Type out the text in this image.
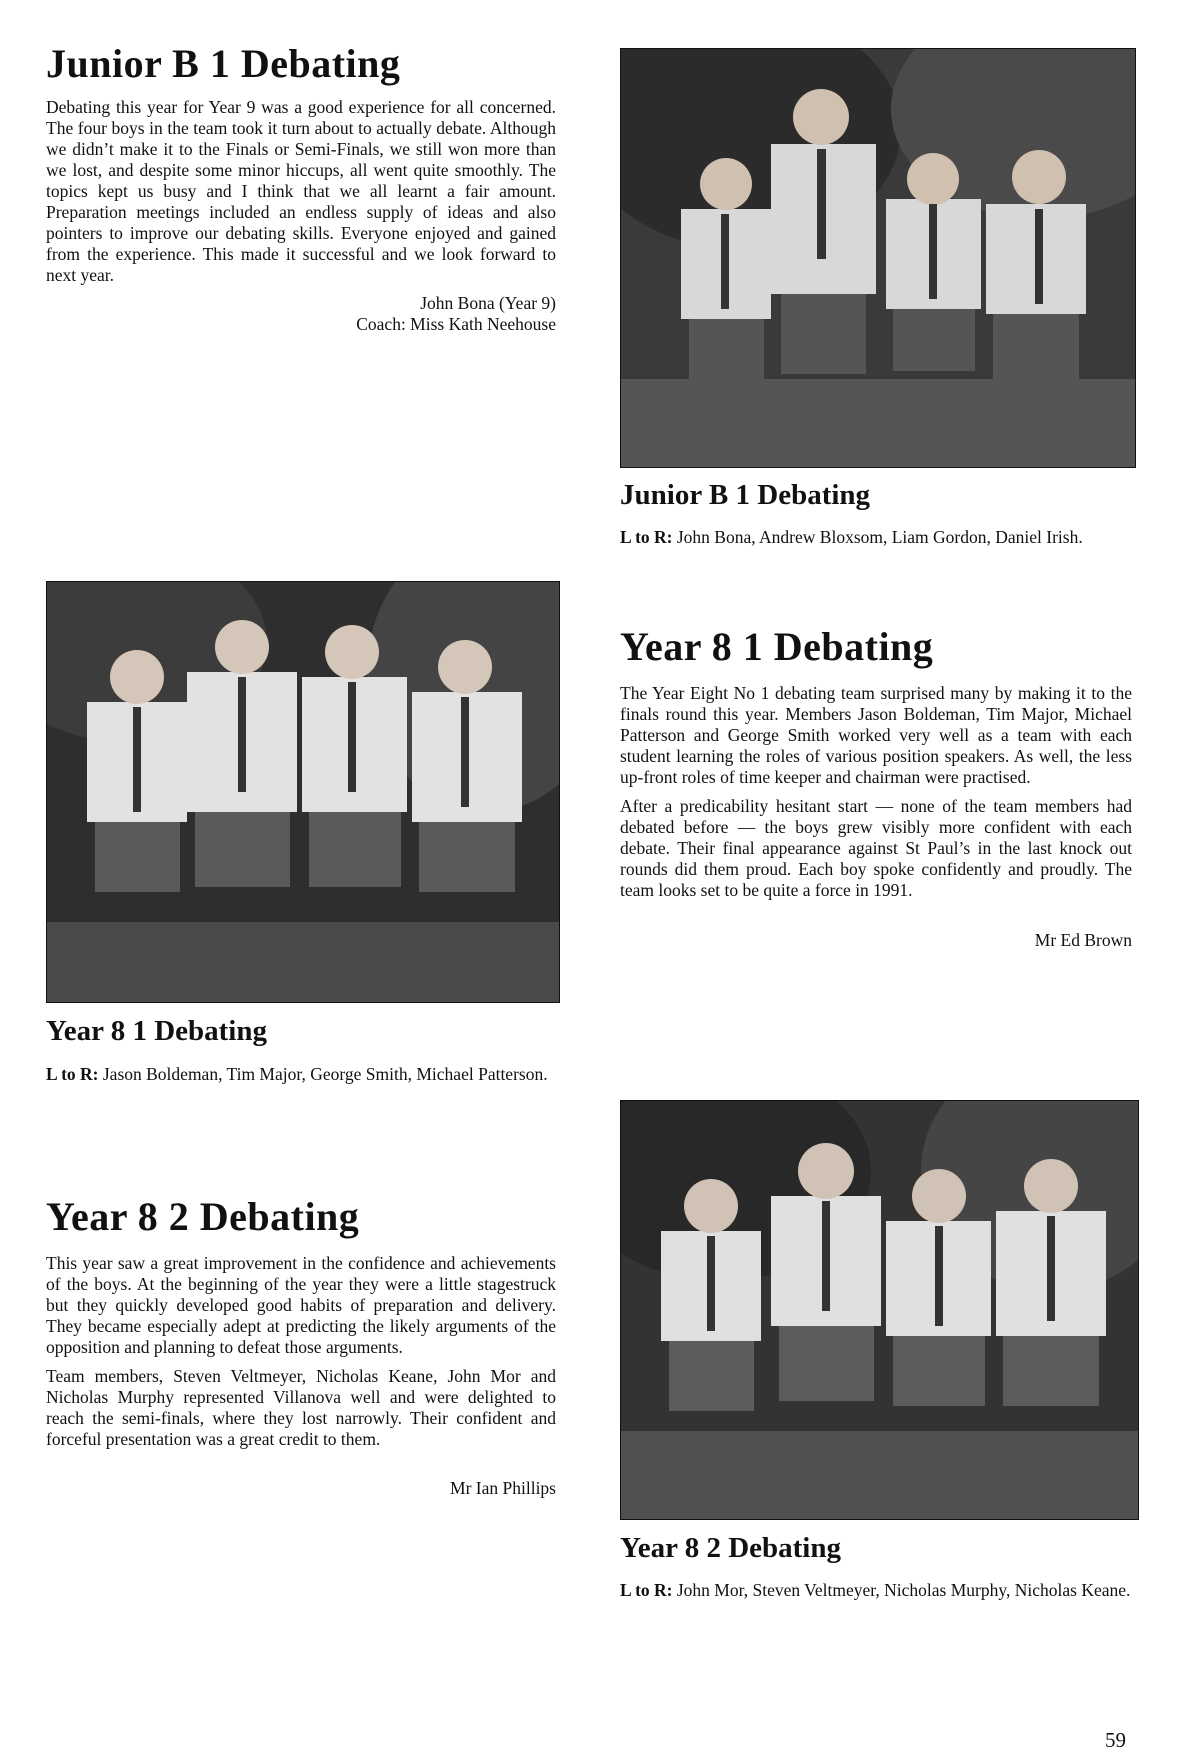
Junior B 1 Debating

Debating this year for Year 9 was a good experience for all concerned. The four boys in the team took it turn about to actually debate. Although we didn’t make it to the Finals or Semi-Finals, we still won more than we lost, and despite some minor hiccups, all went quite smoothly. The topics kept us busy and I think that we all learnt a fair amount. Preparation meetings included an endless supply of ideas and also pointers to improve our debating skills. Everyone enjoyed and gained from the experience. This made it successful and we look forward to next year.

John Bona (Year 9)
Coach: Miss Kath Neehouse
Junior B 1 Debating
L to R: John Bona, Andrew Bloxsom, Liam Gordon, Daniel Irish.
Year 8 1 Debating

The Year Eight No 1 debating team surprised many by making it to the finals round this year. Members Jason Boldeman, Tim Major, Michael Patterson and George Smith worked very well as a team with each student learning the roles of various position speakers. As well, the less up-front roles of time keeper and chairman were practised.

After a predicability hesitant start — none of the team members had debated before — the boys grew visibly more confident with each debate. Their final appearance against St Paul’s in the last knock out rounds did them proud. Each boy spoke confidently and proudly. The team looks set to be quite a force in 1991.

Mr Ed Brown
Year 8 1 Debating
L to R: Jason Boldeman, Tim Major, George Smith, Michael Patterson.
Year 8 2 Debating

This year saw a great improvement in the confidence and achievements of the boys. At the beginning of the year they were a little stagestruck but they quickly developed good habits of preparation and delivery. They became especially adept at predicting the likely arguments of the opposition and planning to defeat those arguments.

Team members, Steven Veltmeyer, Nicholas Keane, John Mor and Nicholas Murphy represented Villanova well and were delighted to reach the semi-finals, where they lost narrowly. Their confident and forceful presentation was a great credit to them.

Mr Ian Phillips
Year 8 2 Debating
L to R: John Mor, Steven Veltmeyer, Nicholas Murphy, Nicholas Keane.
59
